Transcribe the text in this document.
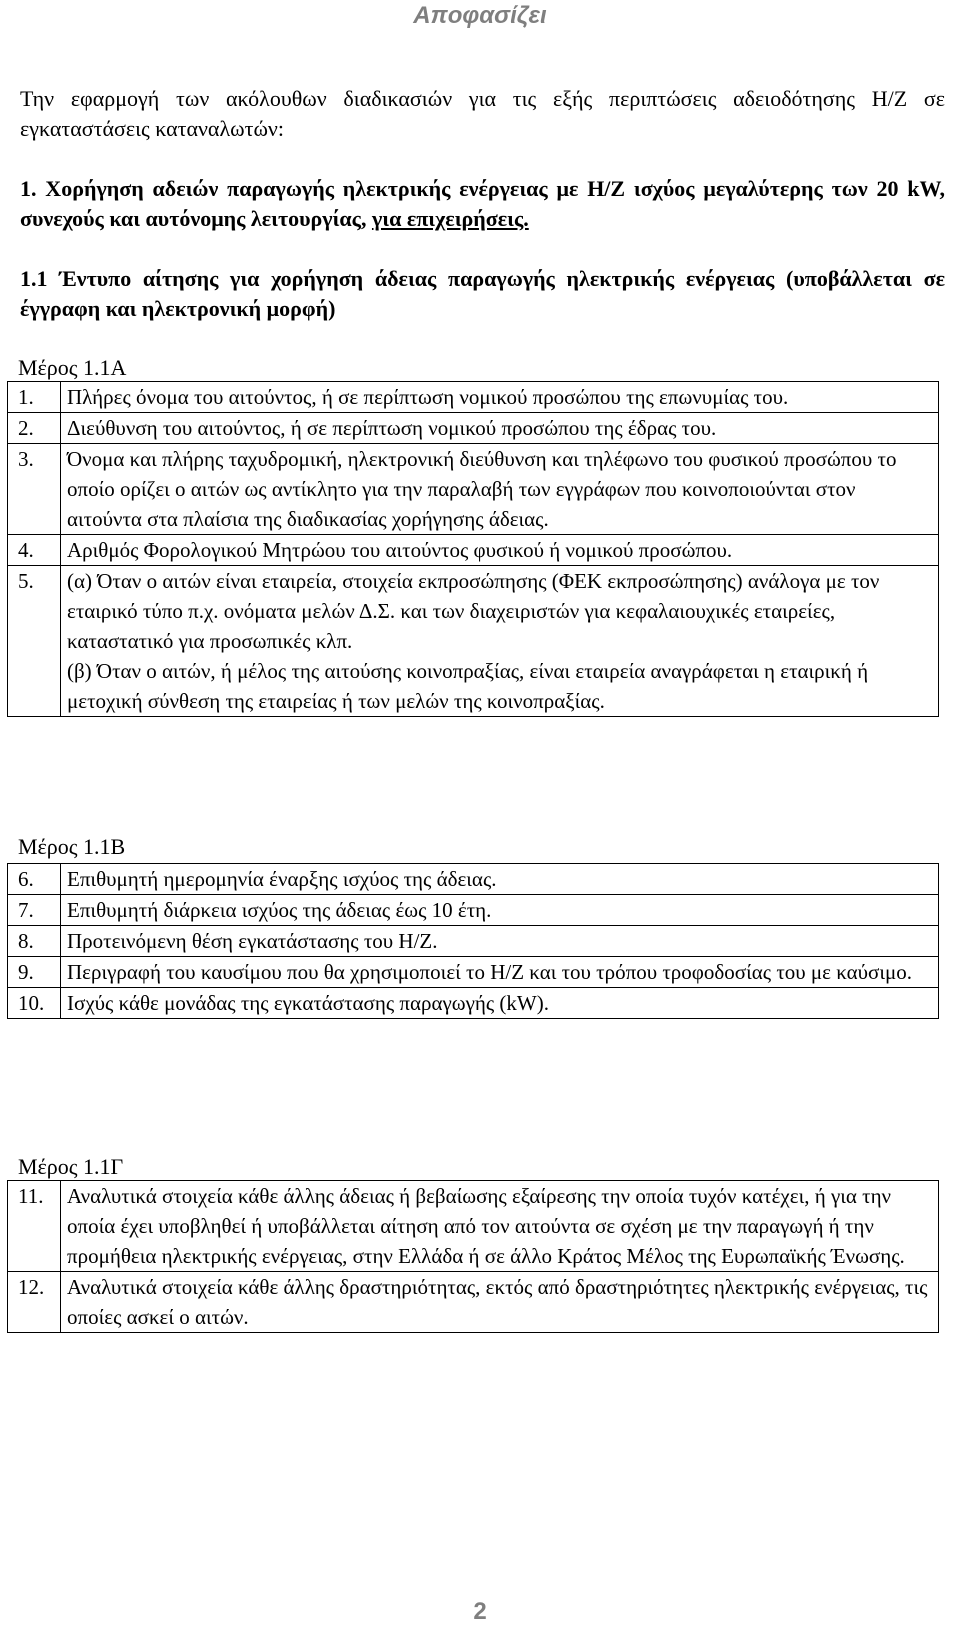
Αποφασίζει
Την εφαρμογή των ακόλουθων διαδικασιών για τις εξής περιπτώσεις αδειοδότησης Η/Ζ σε εγκαταστάσεις καταναλωτών:
1. Χορήγηση αδειών παραγωγής ηλεκτρικής ενέργειας με Η/Ζ ισχύος μεγαλύτερης των 20 kW, συνεχούς και αυτόνομης λειτουργίας, για επιχειρήσεις.
1.1 Έντυπο αίτησης για χορήγηση άδειας παραγωγής ηλεκτρικής ενέργειας (υποβάλλεται σε έγγραφη και ηλεκτρονική μορφή)
Μέρος 1.1Α
1.	Πλήρες όνομα του αιτούντος, ή σε περίπτωση νομικού προσώπου της επωνυμίας του.
2.	Διεύθυνση του αιτούντος, ή σε περίπτωση νομικού προσώπου της έδρας του.
3.	Όνομα και πλήρης ταχυδρομική, ηλεκτρονική διεύθυνση και τηλέφωνο του φυσικού προσώπου το οποίο ορίζει ο αιτών ως αντίκλητο για την παραλαβή των εγγράφων που κοινοποιούνται στον αιτούντα στα πλαίσια της διαδικασίας χορήγησης άδειας.
4.	Αριθμός Φορολογικού Μητρώου του αιτούντος φυσικού ή νομικού προσώπου.
5.	(α) Όταν ο αιτών είναι εταιρεία, στοιχεία εκπροσώπησης (ΦΕΚ εκπροσώπησης) ανάλογα με τον εταιρικό τύπο π.χ. ονόματα μελών Δ.Σ. και των διαχειριστών για κεφαλαιουχικές εταιρείες, καταστατικό για προσωπικές κλπ.
(β) Όταν ο αιτών, ή μέλος της αιτούσης κοινοπραξίας, είναι εταιρεία αναγράφεται η εταιρική ή μετοχική σύνθεση της εταιρείας ή των μελών της κοινοπραξίας.
Μέρος 1.1Β
6.	Επιθυμητή ημερομηνία έναρξης ισχύος της άδειας.
7.	Επιθυμητή διάρκεια ισχύος της άδειας έως 10 έτη.
8.	Προτεινόμενη θέση εγκατάστασης του Η/Ζ.
9.	Περιγραφή του καυσίμου που θα χρησιμοποιεί το Η/Ζ και του τρόπου τροφοδοσίας του με καύσιμο.
10.	Ισχύς κάθε μονάδας της εγκατάστασης παραγωγής (kW).
Μέρος 1.1Γ
11.	Αναλυτικά στοιχεία κάθε άλλης άδειας ή βεβαίωσης εξαίρεσης την οποία τυχόν κατέχει, ή για την οποία έχει υποβληθεί ή υποβάλλεται αίτηση από τον αιτούντα σε σχέση με την παραγωγή ή την προμήθεια ηλεκτρικής ενέργειας, στην Ελλάδα ή σε άλλο Κράτος Μέλος της Ευρωπαϊκής Ένωσης.
12.	Αναλυτικά στοιχεία κάθε άλλης δραστηριότητας, εκτός από δραστηριότητες ηλεκτρικής ενέργειας, τις οποίες ασκεί ο αιτών.
2
